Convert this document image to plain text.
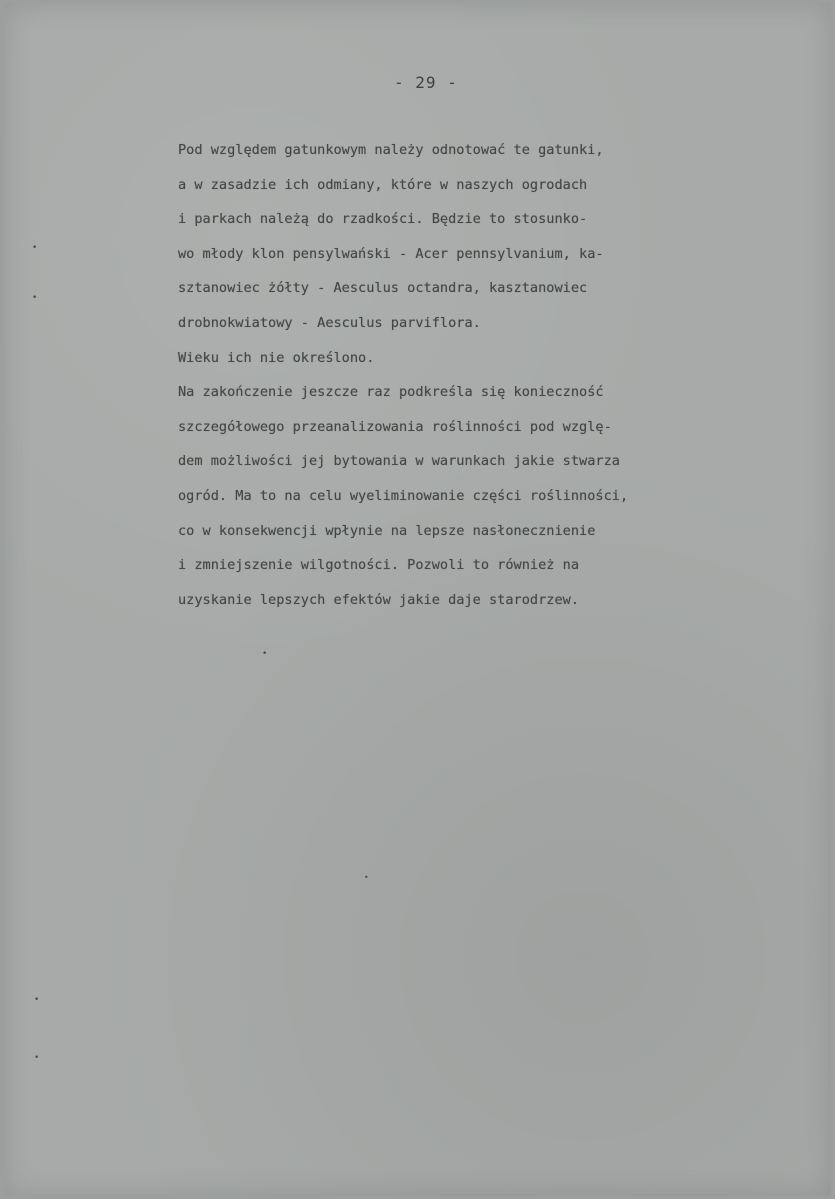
- 29 -
Pod względem gatunkowym należy odnotować te gatunki,
a w zasadzie ich odmiany, które w naszych ogrodach
i parkach należą do rzadkości. Będzie to stosunko-
wo młody klon pensylwański - Acer pennsylvanium, ka-
sztanowiec żółty - Aesculus octandra, kasztanowiec
drobnokwiatowy - Aesculus parviflora.
Wieku ich nie określono.
Na zakończenie jeszcze raz podkreśla się konieczność
szczegółowego przeanalizowania roślinności pod wzglę-
dem możliwości jej bytowania w warunkach jakie stwarza
ogród. Ma to na celu wyeliminowanie części roślinności,
co w konsekwencji wpłynie na lepsze nasłonecznienie
i zmniejszenie wilgotności. Pozwoli to również na
uzyskanie lepszych efektów jakie daje starodrzew.
•
•
•
•
•
•
